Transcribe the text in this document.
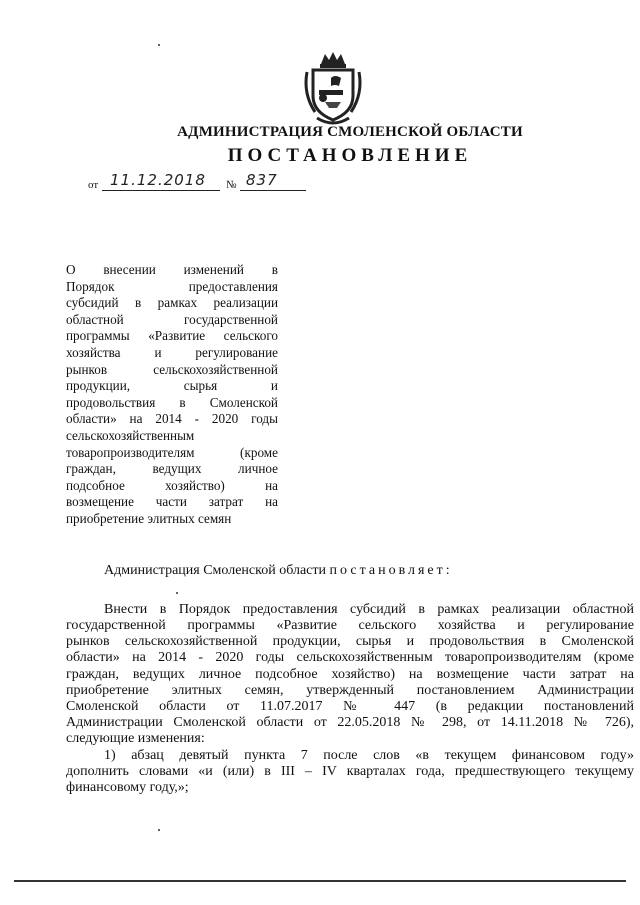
АДМИНИСТРАЦИЯ СМОЛЕНСКОЙ ОБЛАСТИ
ПОСТАНОВЛЕНИЕ
от 11.12.2018 № 837
О внесении изменений в
Порядок предоставления
субсидий в рамках реализации
областной государственной
программы «Развитие сельского
хозяйства и регулирование
рынков сельскохозяйственной
продукции, сырья и
продовольствия в Смоленской
области» на 2014 - 2020 годы
сельскохозяйственным
товаропроизводителям (кроме
граждан, ведущих личное
подсобное хозяйство) на
возмещение части затрат на
приобретение элитных семян
Администрация Смоленской области постановляет:
Внести в Порядок предоставления субсидий в рамках реализации областной
государственной программы «Развитие сельского хозяйства и регулирование
рынков сельскохозяйственной продукции, сырья и продовольствия в Смоленской
области» на 2014 - 2020 годы сельскохозяйственным товаропроизводителям (кроме
граждан, ведущих личное подсобное хозяйство) на возмещение части затрат на
приобретение элитных семян, утвержденный постановлением Администрации
Смоленской области от 11.07.2017 № 447 (в редакции постановлений
Администрации Смоленской области от 22.05.2018 № 298, от 14.11.2018 № 726),
следующие изменения:
1) абзац девятый пункта 7 после слов «в текущем финансовом году»
дополнить словами «и (или) в III – IV кварталах года, предшествующего текущему
финансовому году,»;
